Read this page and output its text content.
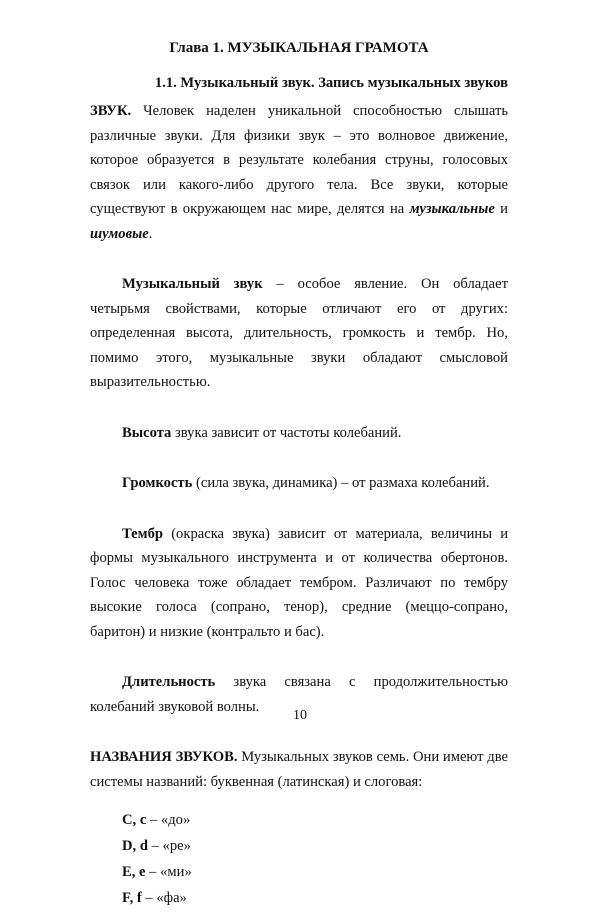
Глава 1. МУЗЫКАЛЬНАЯ ГРАМОТА
1.1. Музыкальный звук. Запись музыкальных звуков

ЗВУК. Человек наделен уникальной способностью слышать различные звуки. Для физики звук – это волновое движение, которое образуется в результате колебания струны, голосовых связок или какого-либо другого тела. Все звуки, которые существуют в окружающем нас мире, делятся на музыкальные и шумовые.

Музыкальный звук – особое явление. Он обладает четырьмя свойствами, которые отличают его от других: определенная высота, длительность, громкость и тембр. Но, помимо этого, музыкальные звуки обладают смысловой выразительностью.

Высота звука зависит от частоты колебаний.

Громкость (сила звука, динамика) – от размаха колебаний.

Тембр (окраска звука) зависит от материала, величины и формы музыкального инструмента и от количества обертонов. Голос человека тоже обладает тембром. Различают по тембру высокие голоса (сопрано, тенор), средние (меццо-сопрано, баритон) и низкие (контральто и бас).

Длительность звука связана с продолжительностью колебаний звуковой волны.

НАЗВАНИЯ ЗВУКОВ. Музыкальных звуков семь. Они имеют две системы названий: буквенная (латинская) и слоговая:

C, c – «до»
D, d – «ре»
E, e – «ми»
F, f – «фа»
10
